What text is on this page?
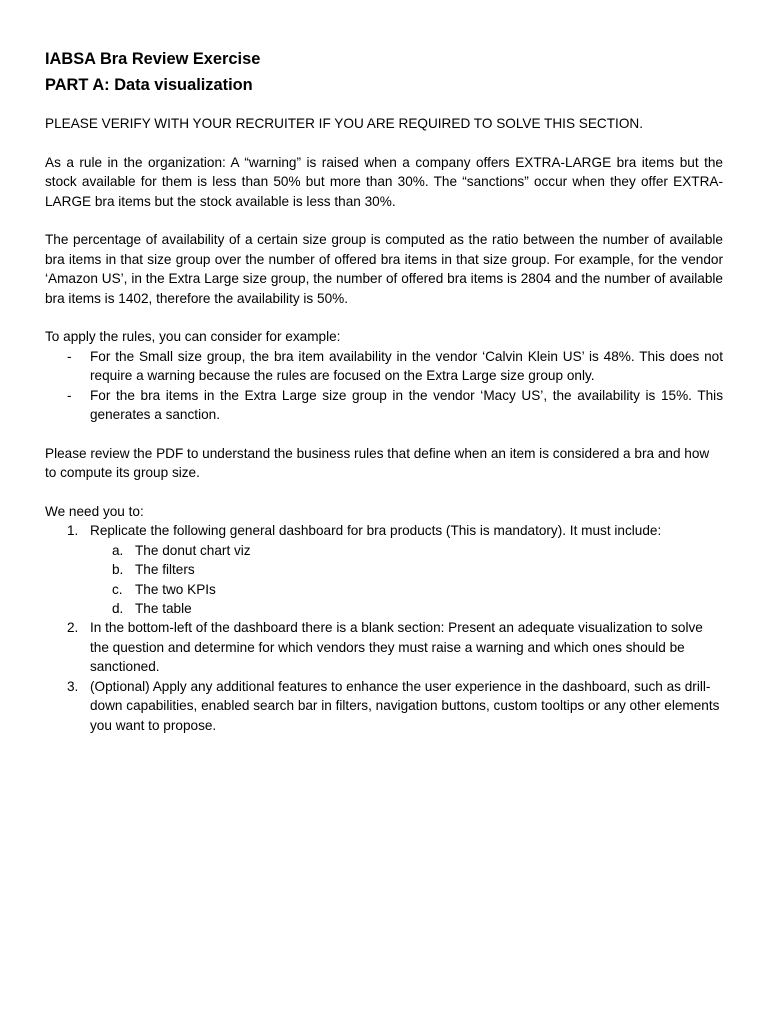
IABSA Bra Review Exercise
PART A: Data visualization

PLEASE VERIFY WITH YOUR RECRUITER IF YOU ARE REQUIRED TO SOLVE THIS SECTION.

As a rule in the organization: A “warning” is raised when a company offers EXTRA-LARGE bra items but the stock available for them is less than 50% but more than 30%. The “sanctions” occur when they offer EXTRA-LARGE bra items but the stock available is less than 30%.

The percentage of availability of a certain size group is computed as the ratio between the number of available bra items in that size group over the number of offered bra items in that size group. For example, for the vendor ‘Amazon US’, in the Extra Large size group, the number of offered bra items is 2804 and the number of available bra items is 1402, therefore the availability is 50%.

To apply the rules, you can consider for example:

- For the Small size group, the bra item availability in the vendor ‘Calvin Klein US’ is 48%. This does not require a warning because the rules are focused on the Extra Large size group only.
- For the bra items in the Extra Large size group in the vendor ‘Macy US’, the availability is 15%. This generates a sanction.

Please review the PDF to understand the business rules that define when an item is considered a bra and how to compute its group size.

We need you to:

1. Replicate the following general dashboard for bra products (This is mandatory). It must include:
a. The donut chart viz
b. The filters
c. The two KPIs
d. The table
2. In the bottom-left of the dashboard there is a blank section: Present an adequate visualization to solve the question and determine for which vendors they must raise a warning and which ones should be sanctioned.
3. (Optional) Apply any additional features to enhance the user experience in the dashboard, such as drill-down capabilities, enabled search bar in filters, navigation buttons, custom tooltips or any other elements you want to propose.
